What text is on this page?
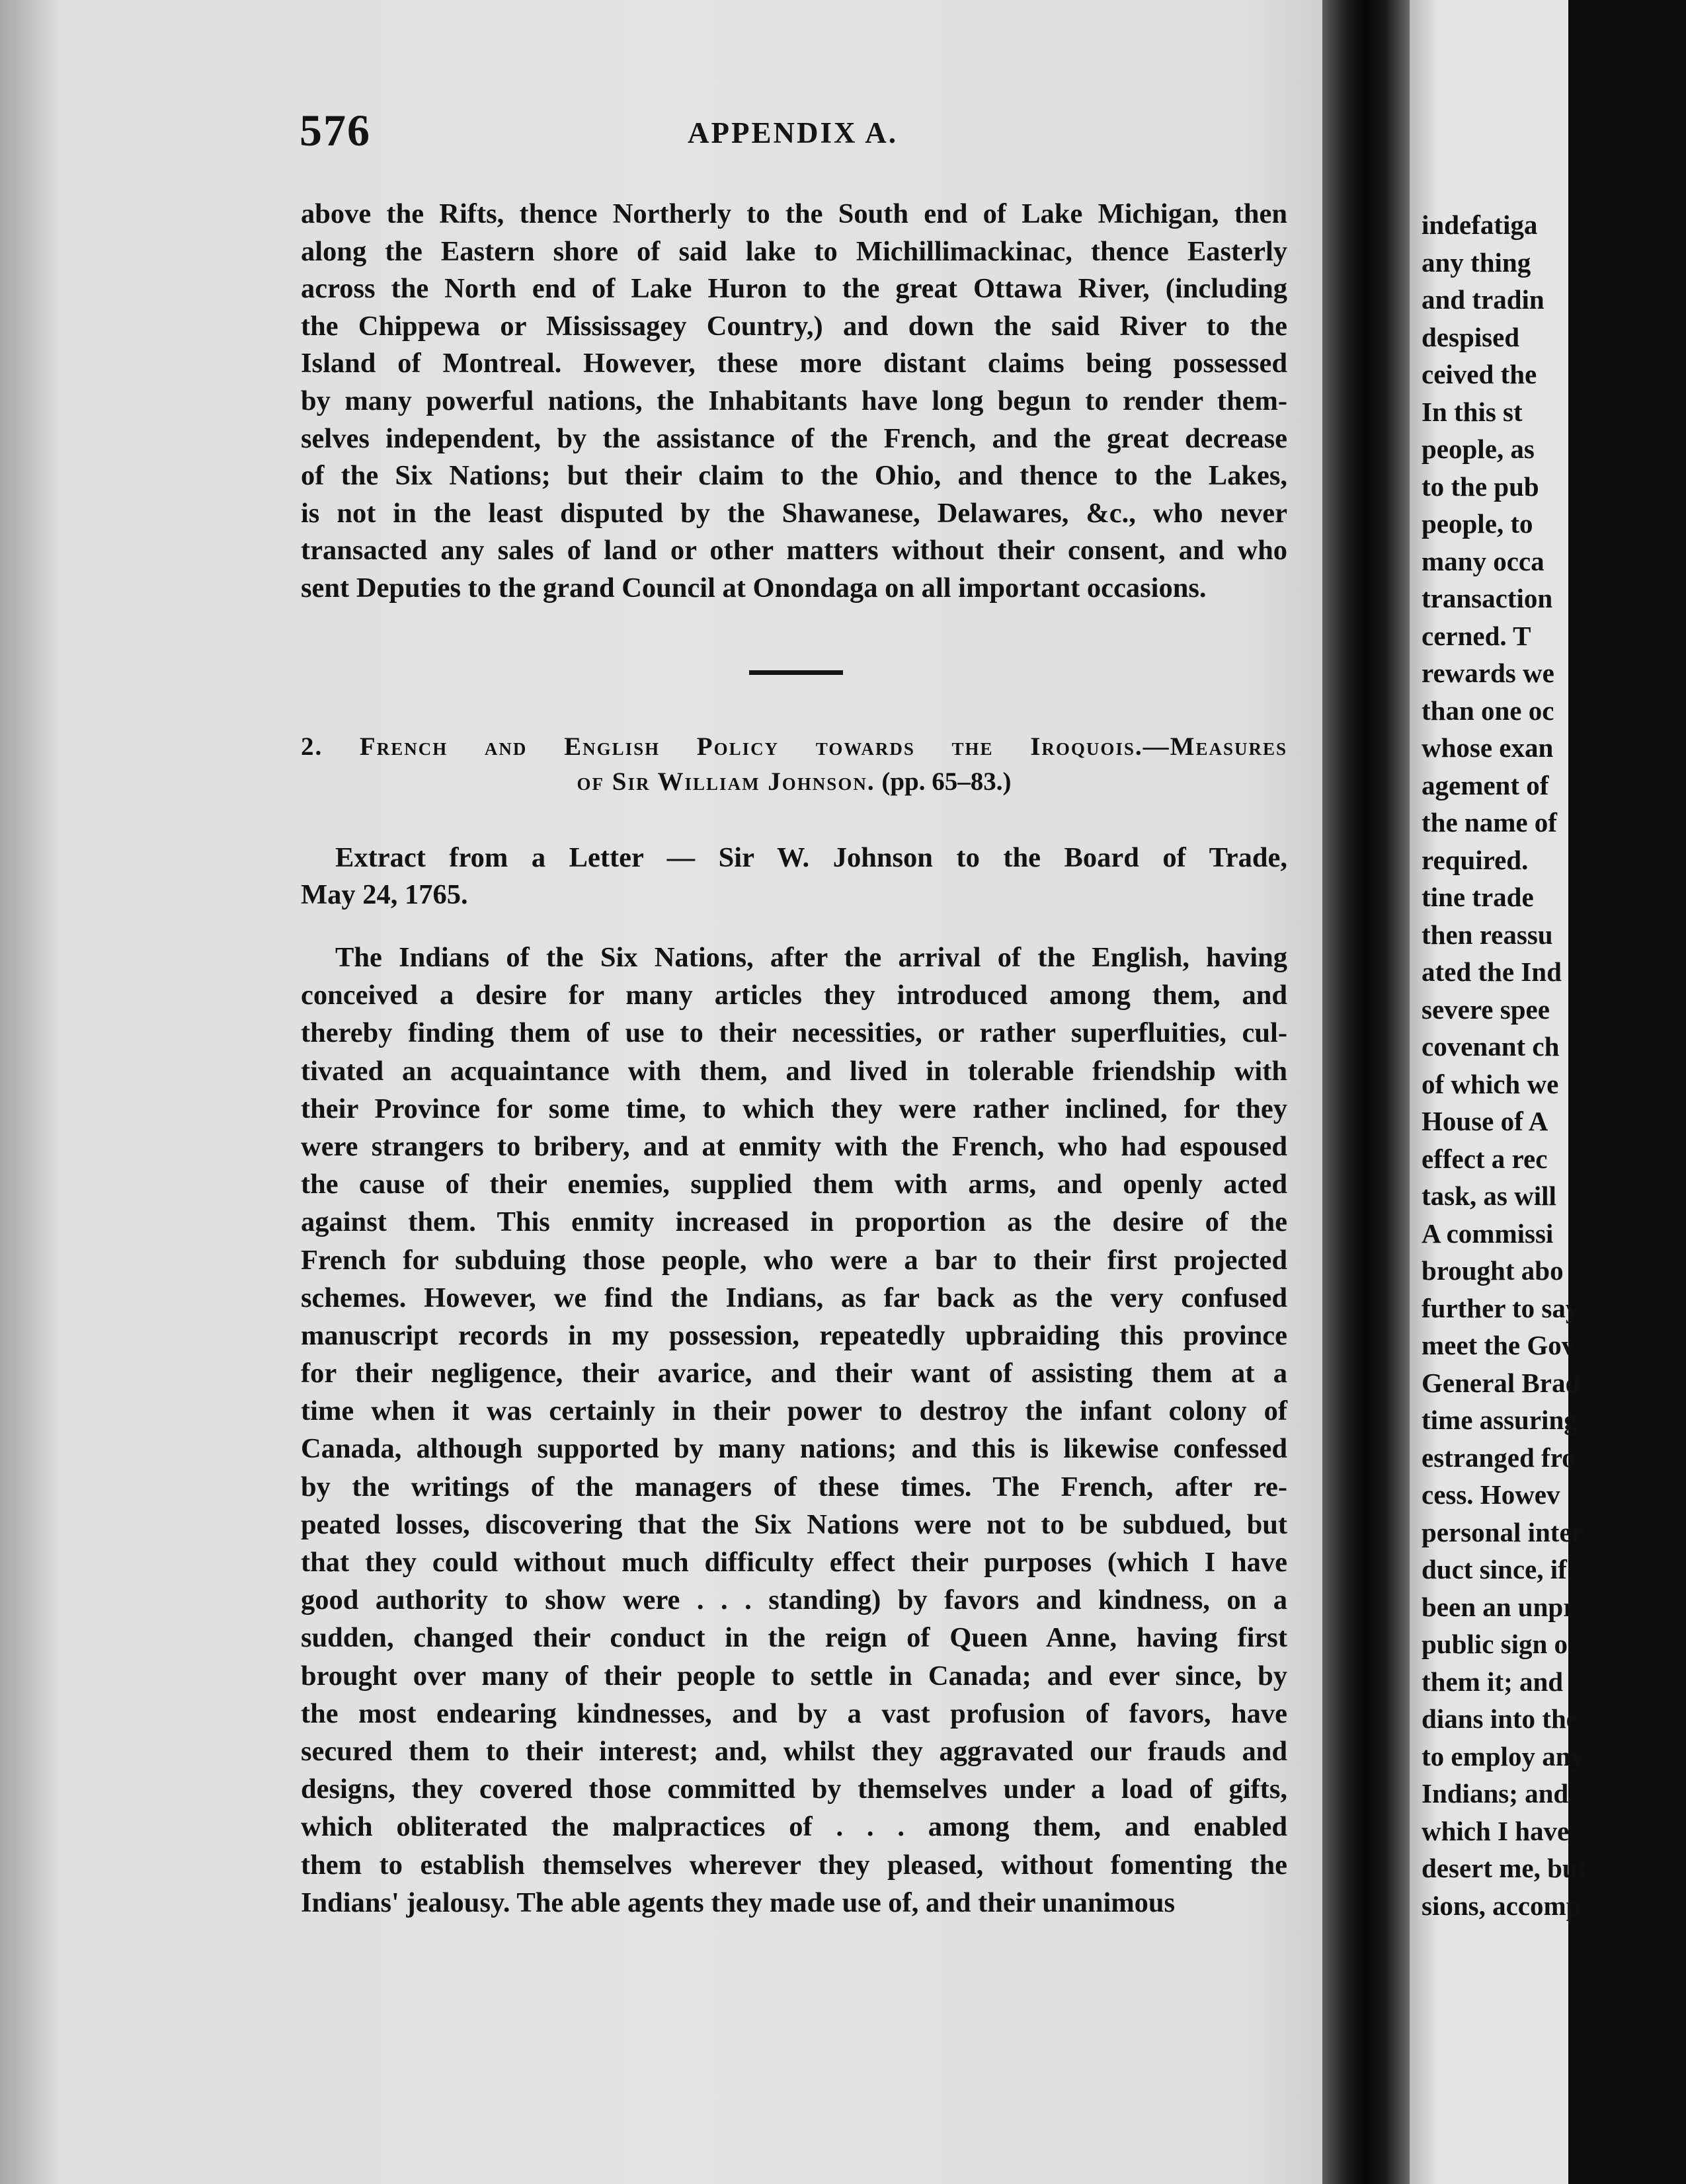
576	APPENDIX A.
above the Rifts, thence Northerly to the South end of Lake Michigan, then
along the Eastern shore of said lake to Michillimackinac, thence Easterly
across the North end of Lake Huron to the great Ottawa River, (including
the Chippewa or Mississagey Country,) and down the said River to the
Island of Montreal. However, these more distant claims being possessed
by many powerful nations, the Inhabitants have long begun to render them-
selves independent, by the assistance of the French, and the great decrease
of the Six Nations; but their claim to the Ohio, and thence to the Lakes,
is not in the least disputed by the Shawanese, Delawares, &c., who never
transacted any sales of land or other matters without their consent, and who
sent Deputies to the grand Council at Onondaga on all important occasions.
2. French and English Policy towards the Iroquois.—Measures
of Sir William Johnson. (pp. 65–83.)
Extract from a Letter — Sir W. Johnson to the Board of Trade,
May 24, 1765.
The Indians of the Six Nations, after the arrival of the English, having
conceived a desire for many articles they introduced among them, and
thereby finding them of use to their necessities, or rather superfluities, cul-
tivated an acquaintance with them, and lived in tolerable friendship with
their Province for some time, to which they were rather inclined, for they
were strangers to bribery, and at enmity with the French, who had espoused
the cause of their enemies, supplied them with arms, and openly acted
against them. This enmity increased in proportion as the desire of the
French for subduing those people, who were a bar to their first projected
schemes. However, we find the Indians, as far back as the very confused
manuscript records in my possession, repeatedly upbraiding this province
for their negligence, their avarice, and their want of assisting them at a
time when it was certainly in their power to destroy the infant colony of
Canada, although supported by many nations; and this is likewise confessed
by the writings of the managers of these times. The French, after re-
peated losses, discovering that the Six Nations were not to be subdued, but
that they could without much difficulty effect their purposes (which I have
good authority to show were . . . standing) by favors and kindness, on a
sudden, changed their conduct in the reign of Queen Anne, having first
brought over many of their people to settle in Canada; and ever since, by
the most endearing kindnesses, and by a vast profusion of favors, have
secured them to their interest; and, whilst they aggravated our frauds and
designs, they covered those committed by themselves under a load of gifts,
which obliterated the malpractices of . . . among them, and enabled
them to establish themselves wherever they pleased, without fomenting the
Indians' jealousy. The able agents they made use of, and their unanimous
indefatiga
any thing
and tradin
despised
ceived the
In this st
people, as
to the pub
people, to
many occa
transaction
cerned. T
rewards we
than one oc
whose exan
agement of
the name of
required.
tine trade
then reassu
ated the Ind
severe spee
covenant ch
of which we
House of A
effect a rec
task, as will
A commissi
brought abo
further to say
meet the Gov
General Brad
time assuring
estranged fro
cess. Howev
personal inter
duct since, if
been an unpr
public sign o
them it; and
dians into the
to employ any
Indians; and
which I have
desert me, but
sions, accomp
